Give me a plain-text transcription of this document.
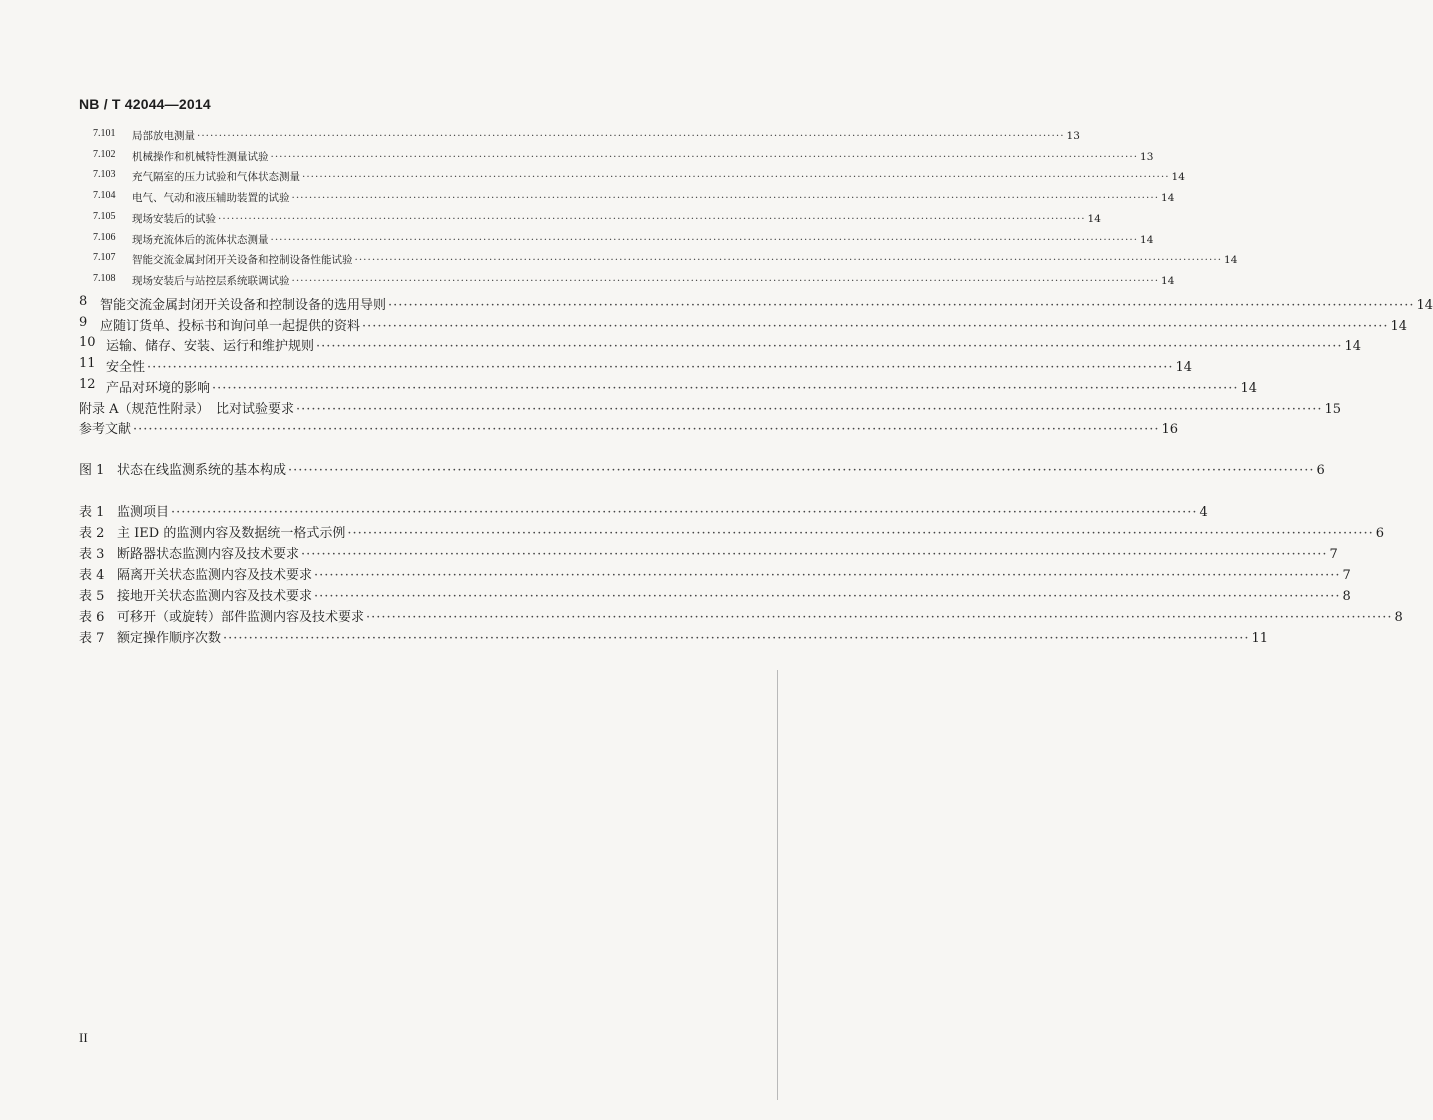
NB / T 42044—2014
7.101 局部放电测量 ········································································································································································································ 13
7.102 机械操作和机械特性测量试验 ········································································································································································································ 13
7.103 充气隔室的压力试验和气体状态测量 ········································································································································································································ 14
7.104 电气、气动和液压辅助装置的试验 ········································································································································································································ 14
7.105 现场安装后的试验 ········································································································································································································ 14
7.106 现场充流体后的流体状态测量 ········································································································································································································ 14
7.107 智能交流金属封闭开关设备和控制设备性能试验 ········································································································································································································ 14
7.108 现场安装后与站控层系统联调试验 ········································································································································································································ 14
8 智能交流金属封闭开关设备和控制设备的选用导则 ········································································································································································································ 14
9 应随订货单、投标书和询问单一起提供的资料 ········································································································································································································ 14
10 运输、储存、安装、运行和维护规则 ········································································································································································································ 14
11 安全性 ········································································································································································································ 14
12 产品对环境的影响 ········································································································································································································ 14
附录 A（规范性附录）　比对试验要求 ········································································································································································································ 15
参考文献 ········································································································································································································ 16
图 1 状态在线监测系统的基本构成 ········································································································································································································ 6
表 1 监测项目 ········································································································································································································ 4
表 2 主 IED 的监测内容及数据统一格式示例 ········································································································································································································ 6
表 3 断路器状态监测内容及技术要求 ········································································································································································································ 7
表 4 隔离开关状态监测内容及技术要求 ········································································································································································································ 7
表 5 接地开关状态监测内容及技术要求 ········································································································································································································ 8
表 6 可移开（或旋转）部件监测内容及技术要求 ········································································································································································································ 8
表 7 额定操作顺序次数 ········································································································································································································ 11
II
